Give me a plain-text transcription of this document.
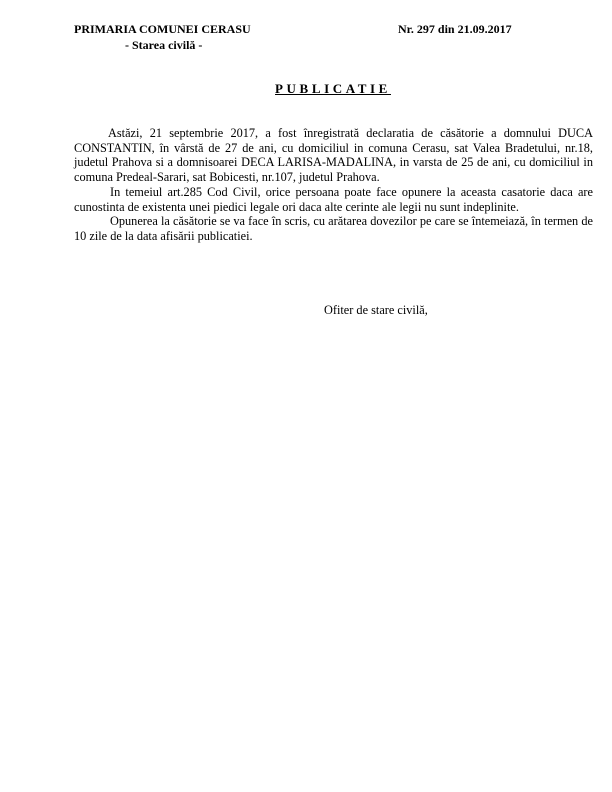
PRIMARIA COMUNEI CERASU
- Starea civilă -
Nr. 297 din 21.09.2017
PUBLICATIE

Astăzi, 21 septembrie 2017, a fost înregistrată declaratia de căsătorie a domnului DUCA CONSTANTIN, în vârstă de 27 de ani, cu domiciliul in comuna Cerasu, sat Valea Bradetului, nr.18, judetul Prahova si a domnisoarei DECA LARISA-MADALINA, in varsta de 25 de ani, cu domiciliul in comuna Predeal-Sarari, sat Bobicesti, nr.107, judetul Prahova.

In temeiul art.285 Cod Civil, orice persoana poate face opunere la aceasta casatorie daca are cunostinta de existenta unei piedici legale ori daca alte cerinte ale legii nu sunt indeplinite.

Opunerea la căsătorie se va face în scris, cu arătarea dovezilor pe care se întemeiază, în termen de 10 zile de la data afisării publicatiei.

Ofiter de stare civilă,
